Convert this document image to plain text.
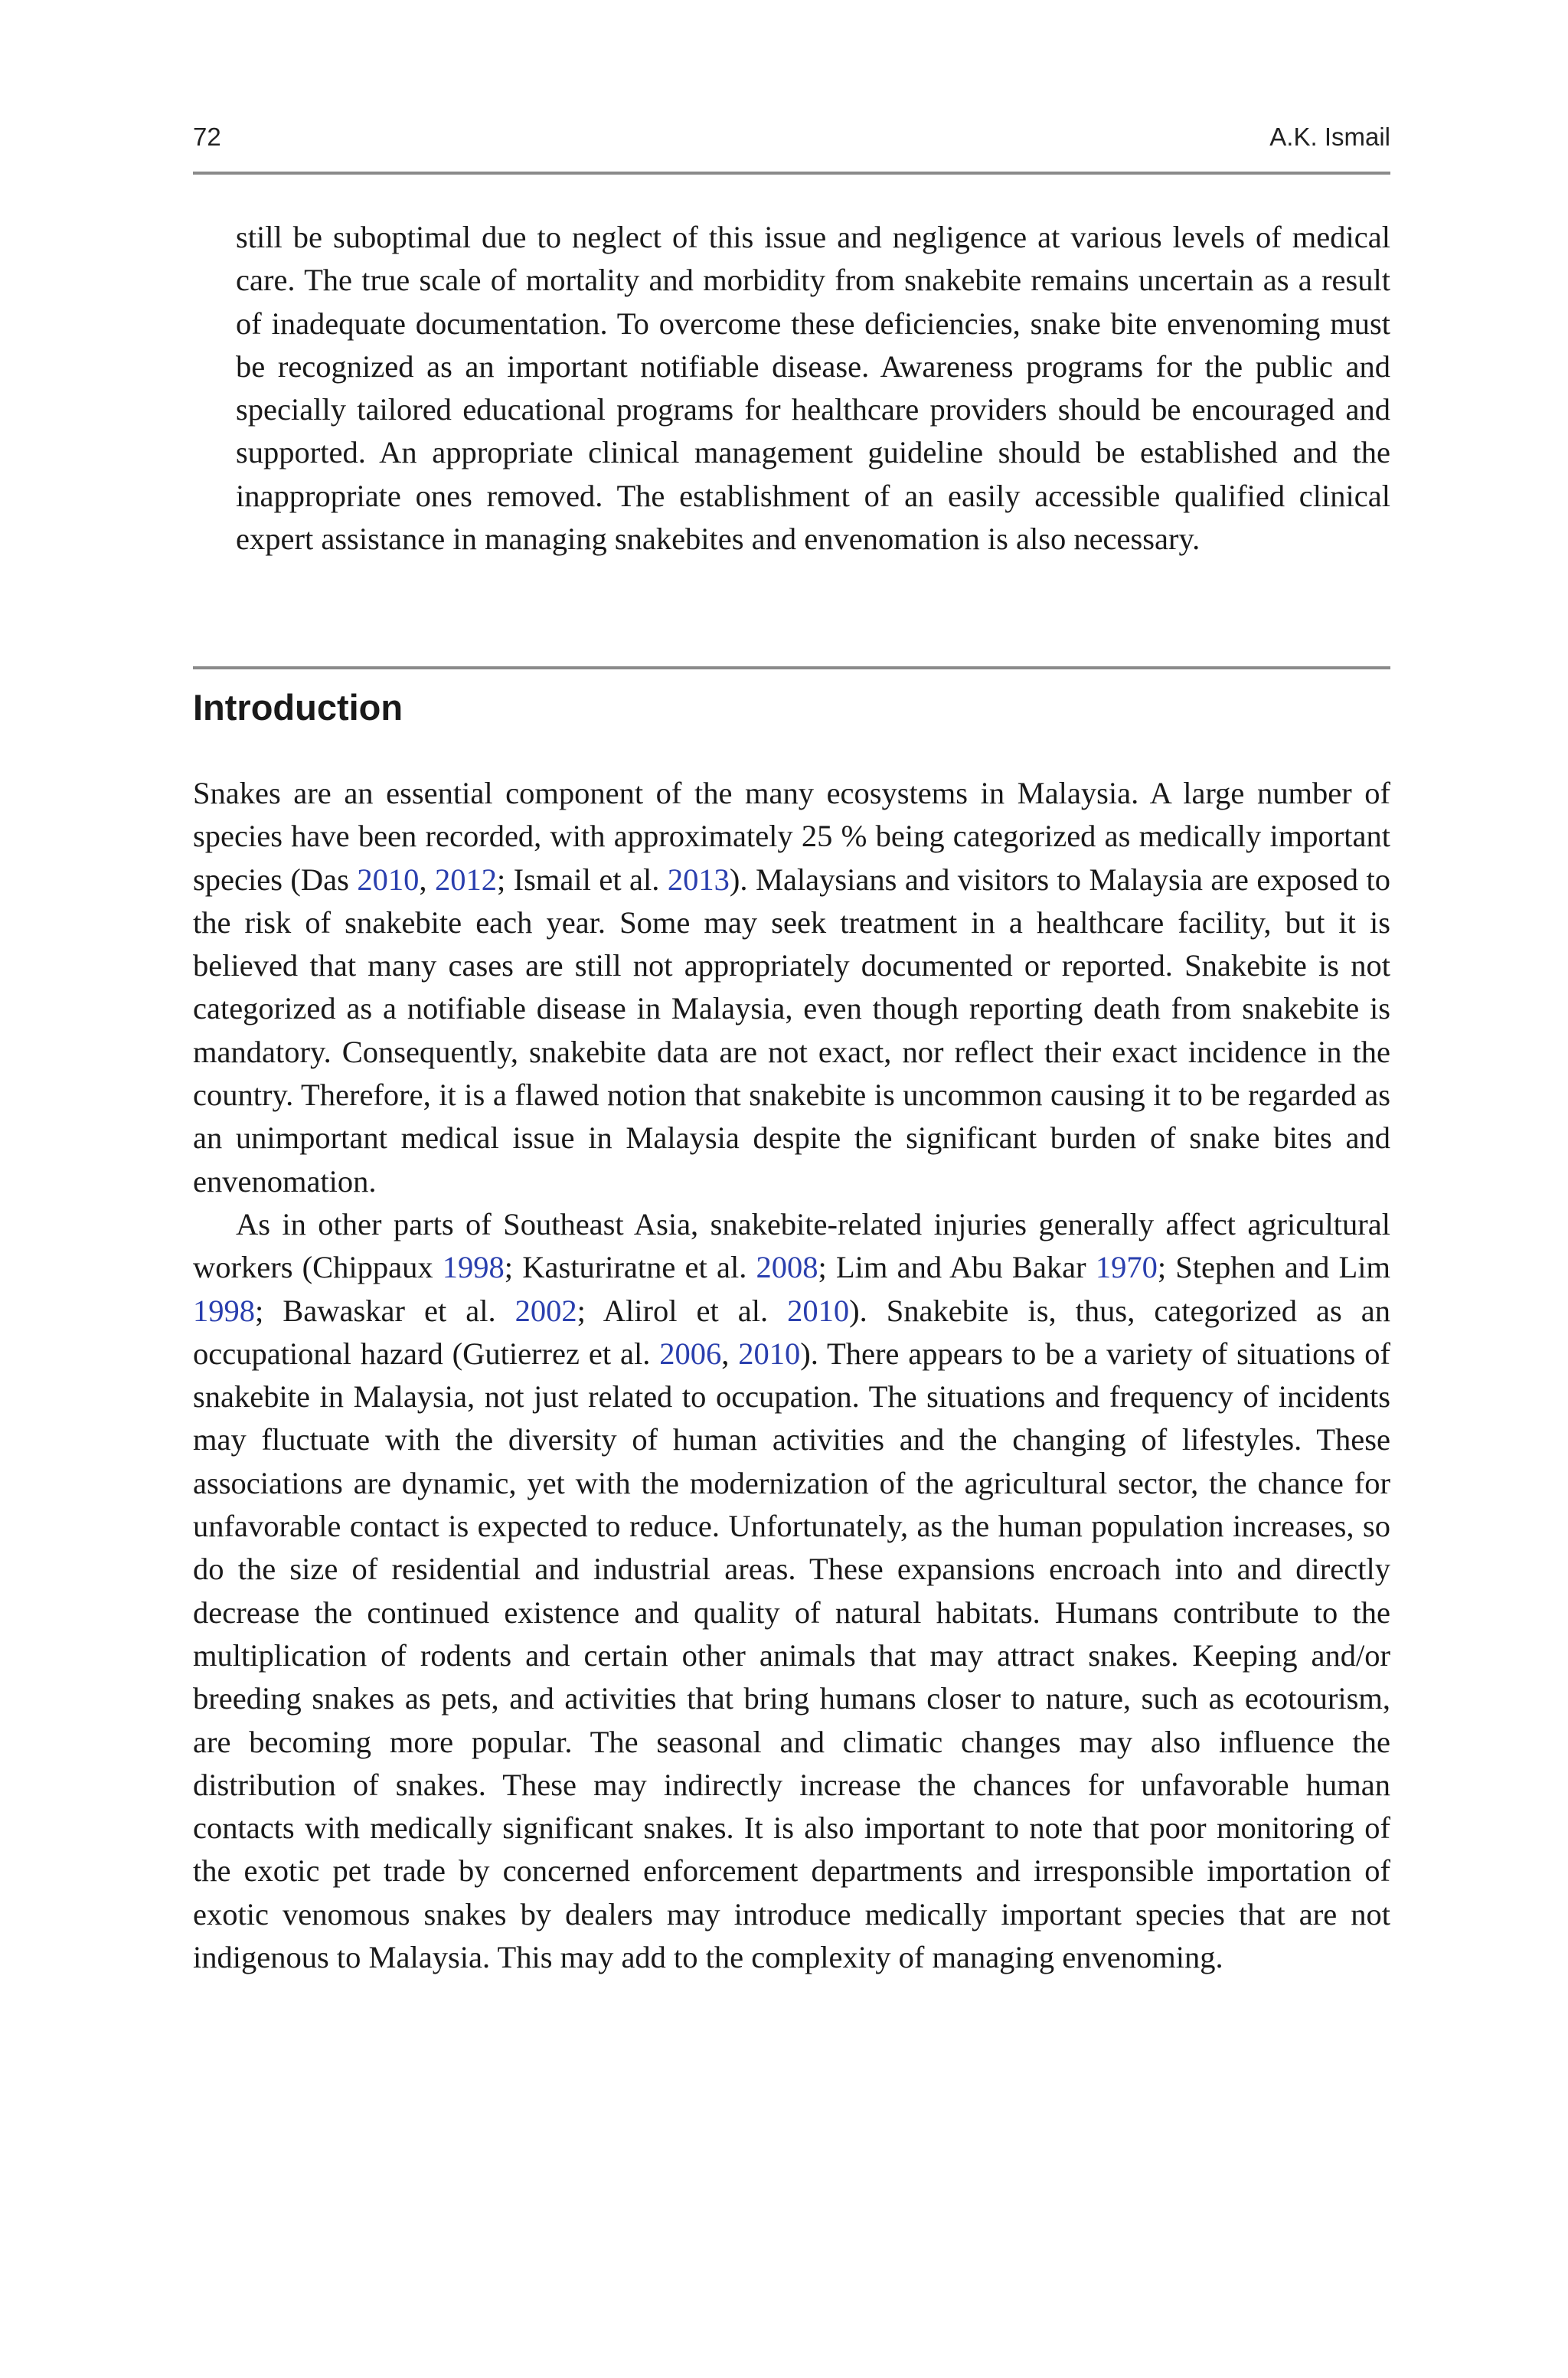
72	A.K. Ismail

still be suboptimal due to neglect of this issue and negligence at various levels of medical care. The true scale of mortality and morbidity from snakebite remains uncertain as a result of inadequate documentation. To overcome these deficiencies, snake bite envenoming must be recognized as an important notifiable disease. Awareness programs for the public and specially tailored educational programs for healthcare providers should be encouraged and supported. An appropriate clinical management guideline should be established and the inappropriate ones removed. The establishment of an easily accessible qualified clinical expert assistance in managing snakebites and envenomation is also necessary.

Introduction

Snakes are an essential component of the many ecosystems in Malaysia. A large number of species have been recorded, with approximately 25 % being categorized as medically important species (Das 2010, 2012; Ismail et al. 2013). Malaysians and visitors to Malaysia are exposed to the risk of snakebite each year. Some may seek treatment in a healthcare facility, but it is believed that many cases are still not appropriately documented or reported. Snakebite is not categorized as a notifiable disease in Malaysia, even though reporting death from snakebite is mandatory. Consequently, snakebite data are not exact, nor reflect their exact incidence in the country. Therefore, it is a flawed notion that snakebite is uncommon causing it to be regarded as an unimportant medical issue in Malaysia despite the significant burden of snake bites and envenomation.

As in other parts of Southeast Asia, snakebite-related injuries generally affect agricultural workers (Chippaux 1998; Kasturiratne et al. 2008; Lim and Abu Bakar 1970; Stephen and Lim 1998; Bawaskar et al. 2002; Alirol et al. 2010). Snakebite is, thus, categorized as an occupational hazard (Gutierrez et al. 2006, 2010). There appears to be a variety of situations of snakebite in Malaysia, not just related to occupation. The situations and frequency of incidents may fluctuate with the diversity of human activities and the changing of lifestyles. These associations are dynamic, yet with the modernization of the agricultural sector, the chance for unfavorable contact is expected to reduce. Unfortunately, as the human population increases, so do the size of residential and industrial areas. These expansions encroach into and directly decrease the continued existence and quality of natural habitats. Humans contribute to the multiplication of rodents and certain other animals that may attract snakes. Keeping and/or breeding snakes as pets, and activities that bring humans closer to nature, such as ecotourism, are becoming more popular. The seasonal and climatic changes may also influence the distribution of snakes. These may indirectly increase the chances for unfavorable human contacts with medically significant snakes. It is also important to note that poor monitoring of the exotic pet trade by concerned enforcement departments and irresponsible importation of exotic venomous snakes by dealers may introduce medically important species that are not indigenous to Malaysia. This may add to the complexity of managing envenoming.
